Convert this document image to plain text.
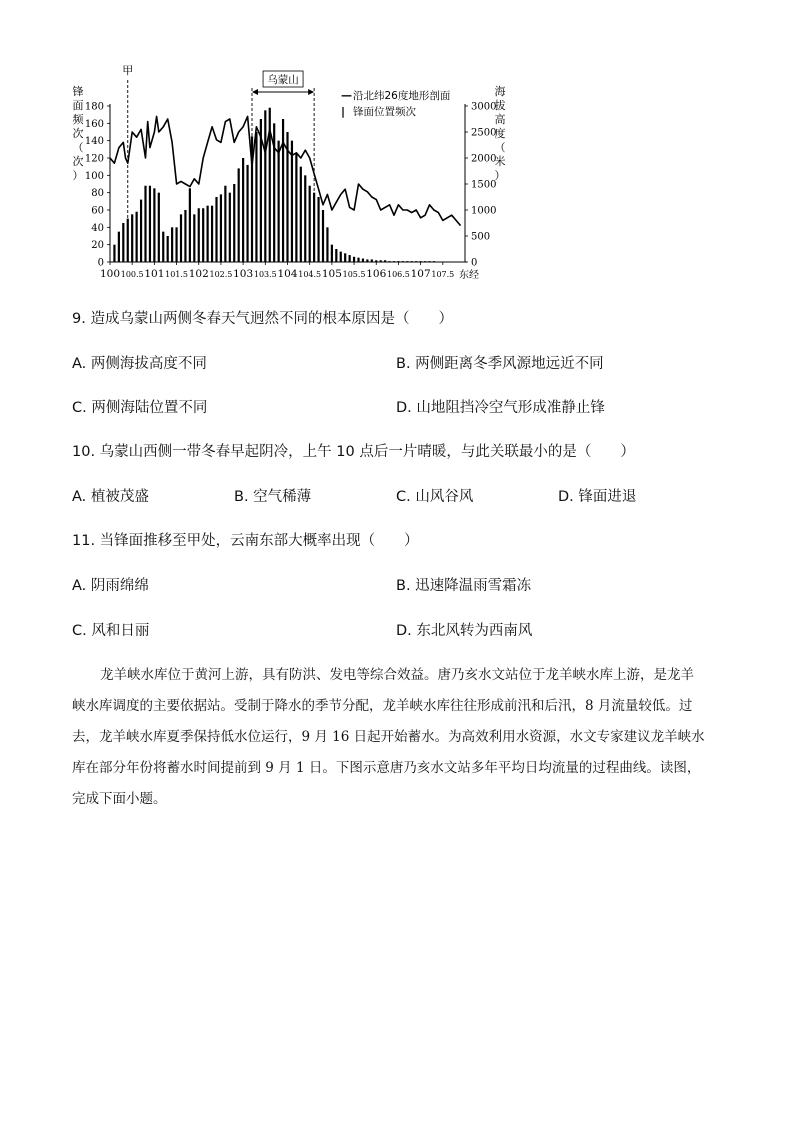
100 100.5 101 101.5 102 102.5 103 103.5 104 104.5 105 105.5 106 106.5 107 107.5 东经
0
20
40
60
80
100
120
140
160
180
0
500
1000
1500
2000
2500
3000
锋
面
频
次
（
次
）
海
拔
高
度
（
米
）
甲
乌蒙山
— 沿北纬26度地形剖面
| 锋面位置频次
9. 造成乌蒙山两侧冬春天气迥然不同的根本原因是（　　）
A. 两侧海拔高度不同	B. 两侧距离冬季风源地远近不同
C. 两侧海陆位置不同	D. 山地阻挡冷空气形成准静止锋
10. 乌蒙山西侧一带冬春早起阴冷，上午 10 点后一片晴暖，与此关联最小的是（　　）
A. 植被茂盛	B. 空气稀薄	C. 山风谷风	D. 锋面进退
11. 当锋面推移至甲处，云南东部大概率出现（　　）
A. 阴雨绵绵	B. 迅速降温雨雪霜冻
C. 风和日丽	D. 东北风转为西南风
龙羊峡水库位于黄河上游，具有防洪、发电等综合效益。唐乃亥水文站位于龙羊峡水库上游，是龙羊
峡水库调度的主要依据站。受制于降水的季节分配，龙羊峡水库往往形成前汛和后汛，8 月流量较低。过
去，龙羊峡水库夏季保持低水位运行，9 月 16 日起开始蓄水。为高效利用水资源，水文专家建议龙羊峡水
库在部分年份将蓄水时间提前到 9 月 1 日。下图示意唐乃亥水文站多年平均日均流量的过程曲线。读图，
完成下面小题。
